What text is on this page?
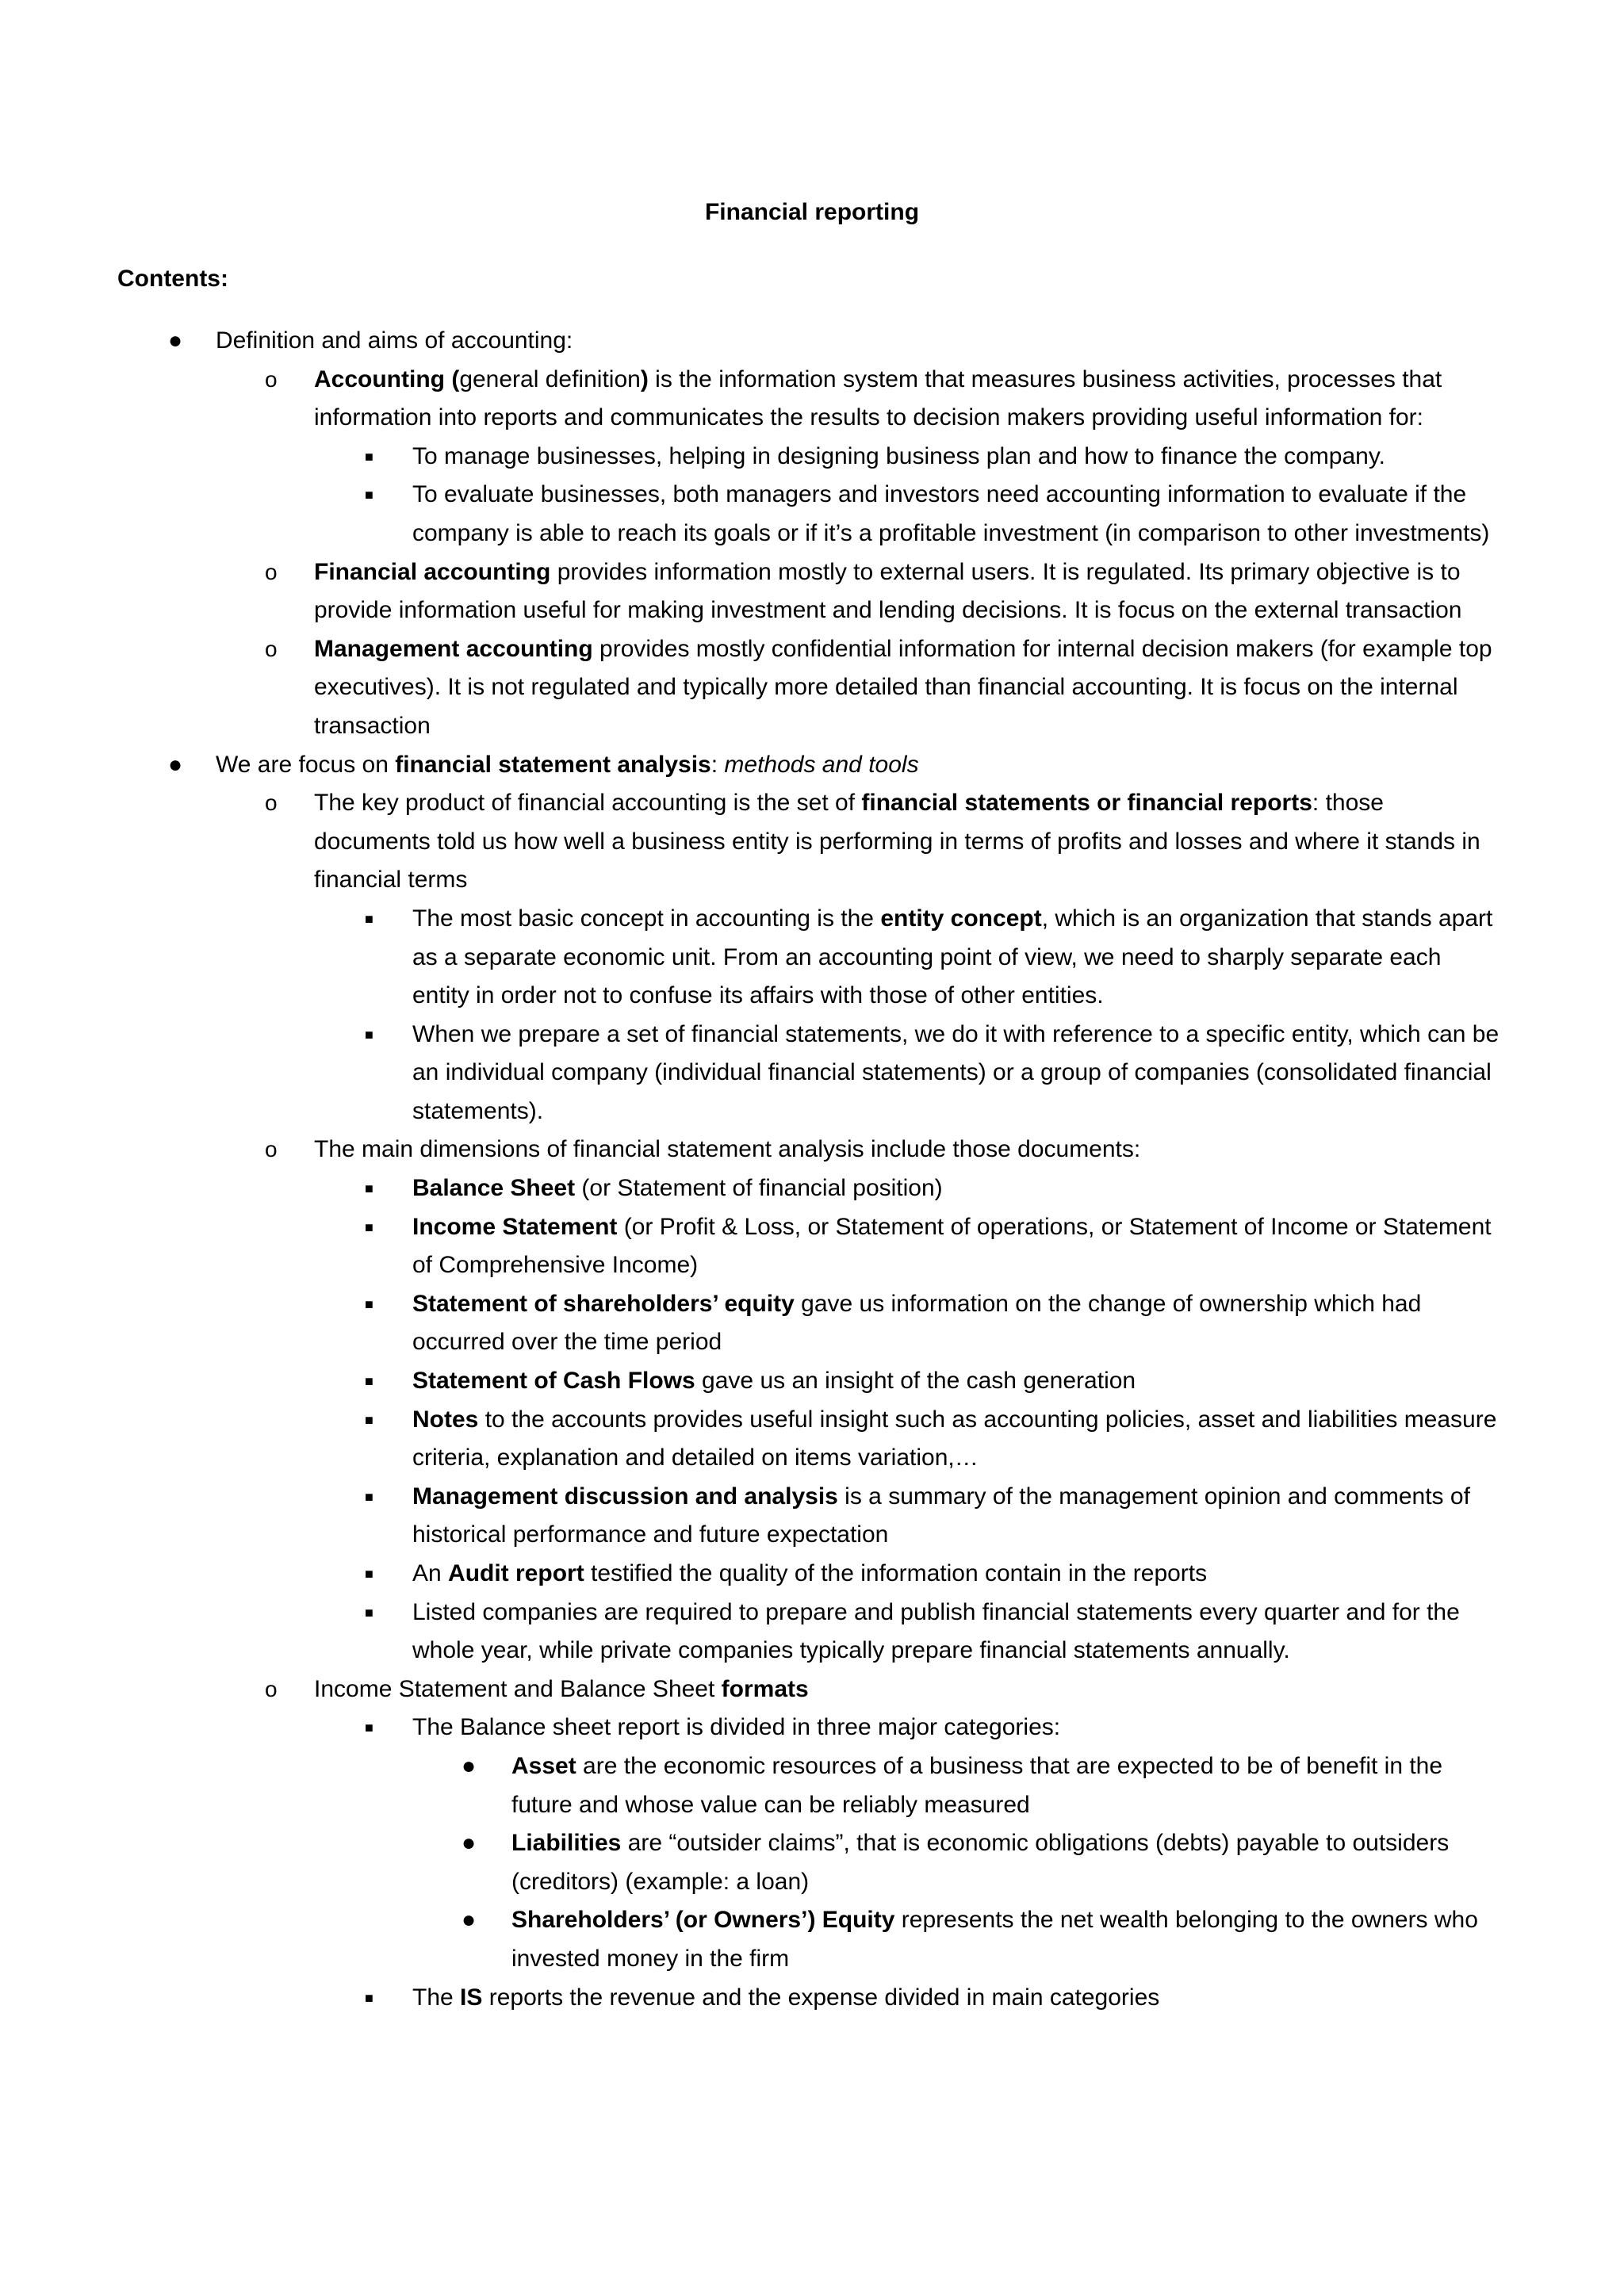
Financial reporting
Contents:
● Definition and aims of accounting:
o Accounting (general definition) is the information system that measures business activities, processes that information into reports and communicates the results to decision makers providing useful information for:
■ To manage businesses, helping in designing business plan and how to finance the company.
■ To evaluate businesses, both managers and investors need accounting information to evaluate if the company is able to reach its goals or if it’s a profitable investment (in comparison to other investments)
o Financial accounting provides information mostly to external users. It is regulated. Its primary objective is to provide information useful for making investment and lending decisions. It is focus on the external transaction
o Management accounting provides mostly confidential information for internal decision makers (for example top executives). It is not regulated and typically more detailed than financial accounting. It is focus on the internal transaction
● We are focus on financial statement analysis: methods and tools
o The key product of financial accounting is the set of financial statements or financial reports: those documents told us how well a business entity is performing in terms of profits and losses and where it stands in financial terms
■ The most basic concept in accounting is the entity concept, which is an organization that stands apart as a separate economic unit. From an accounting point of view, we need to sharply separate each entity in order not to confuse its affairs with those of other entities.
■ When we prepare a set of financial statements, we do it with reference to a specific entity, which can be an individual company (individual financial statements) or a group of companies (consolidated financial statements).
o The main dimensions of financial statement analysis include those documents:
■ Balance Sheet (or Statement of financial position)
■ Income Statement (or Profit & Loss, or Statement of operations, or Statement of Income or Statement of Comprehensive Income)
■ Statement of shareholders’ equity gave us information on the change of ownership which had occurred over the time period
■ Statement of Cash Flows gave us an insight of the cash generation
■ Notes to the accounts provides useful insight such as accounting policies, asset and liabilities measure criteria, explanation and detailed on items variation,…
■ Management discussion and analysis is a summary of the management opinion and comments of historical performance and future expectation
■ An Audit report testified the quality of the information contain in the reports
■ Listed companies are required to prepare and publish financial statements every quarter and for the whole year, while private companies typically prepare financial statements annually.
o Income Statement and Balance Sheet formats
■ The Balance sheet report is divided in three major categories:
● Asset are the economic resources of a business that are expected to be of benefit in the future and whose value can be reliably measured
● Liabilities are “outsider claims”, that is economic obligations (debts) payable to outsiders (creditors) (example: a loan)
● Shareholders’ (or Owners’) Equity represents the net wealth belonging to the owners who invested money in the firm
■ The IS reports the revenue and the expense divided in main categories
